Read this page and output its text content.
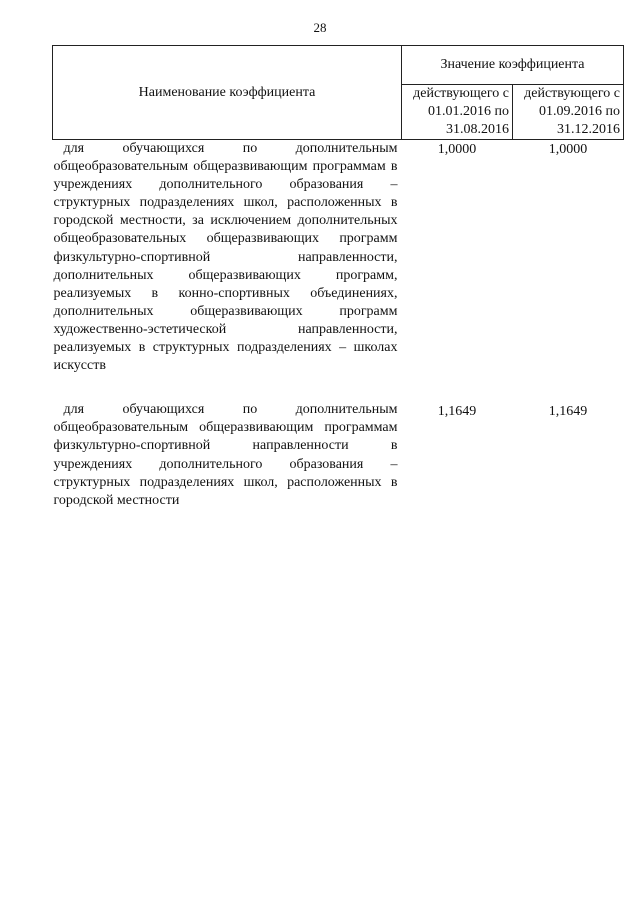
28
Наименование коэффициента	Значение коэффициента	
	действующего с 01.01.2016 по 31.08.2016	действующего с 01.09.2016 по 31.12.2016
для обучающихся по дополнительным общеобразовательным общеразвивающим программам в учреждениях дополнительного образования – структурных подразделениях школ, расположенных в городской местности, за исключением дополнительных общеобразовательных общеразвивающих программ физкультурно-спортивной направленности, дополнительных общеразвивающих программ, реализуемых в конно-спортивных объединениях, дополнительных общеразвивающих программ художественно-эстетической направленности, реализуемых в структурных подразделениях – школах искусств	1,0000	1,0000
для обучающихся по дополнительным общеобразовательным общеразвивающим программам физкультурно-спортивной направленности в учреждениях дополнительного образования – структурных подразделениях школ, расположенных в городской местности	1,1649	1,1649
